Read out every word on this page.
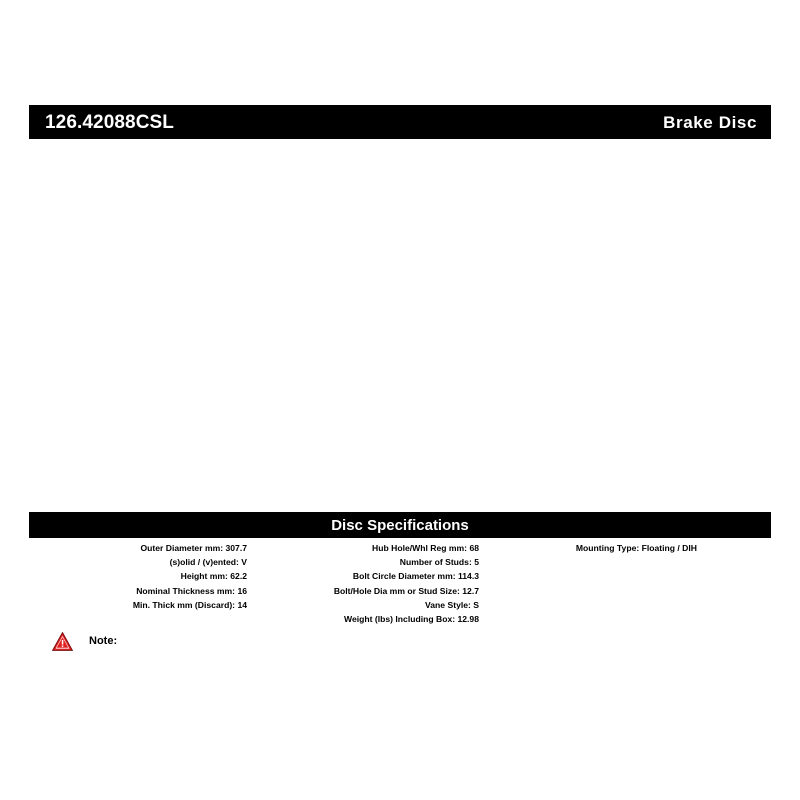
126.42088CSL	Brake Disc
Disc Specifications
Outer Diameter mm: 307.7
(s)olid / (v)ented: V
Height mm: 62.2
Nominal Thickness mm: 16
Min. Thick mm (Discard): 14
Hub Hole/Whl Reg mm: 68
Number of Studs: 5
Bolt Circle Diameter mm: 114.3
Bolt/Hole Dia mm or Stud Size: 12.7
Vane Style: S
Weight (lbs) Including Box: 12.98
Mounting Type: Floating / DIH
Note:
